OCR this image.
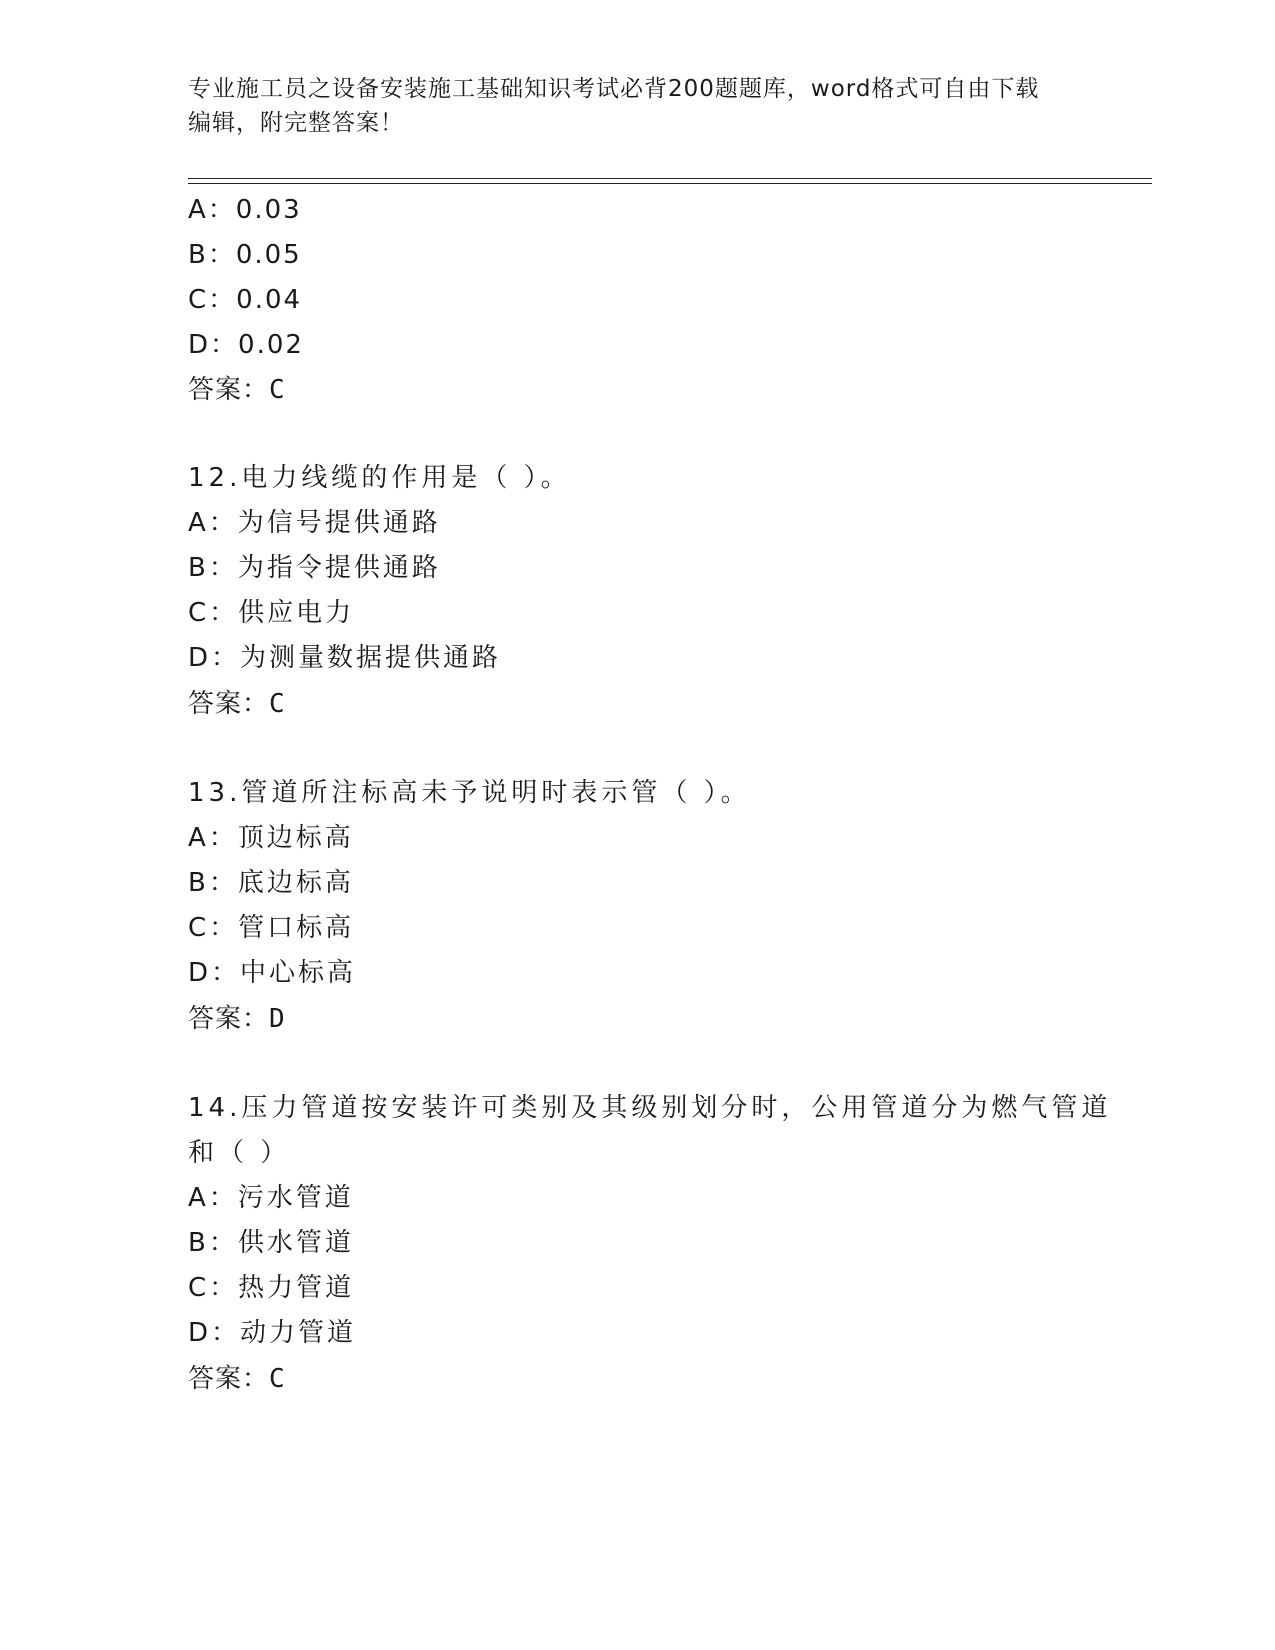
专业施工员之设备安装施工基础知识考试必背200题题库，word格式可自由下载
编辑，附完整答案！
A：0.03
B：0.05
C：0.04
D：0.02
答案：C
12.电力线缆的作用是（ ）。
A：为信号提供通路
B：为指令提供通路
C：供应电力
D：为测量数据提供通路
答案：C
13.管道所注标高未予说明时表示管（ ）。
A：顶边标高
B：底边标高
C：管口标高
D：中心标高
答案：D
14.压力管道按安装许可类别及其级别划分时，公用管道分为燃气管道
和（ ）
A：污水管道
B：供水管道
C：热力管道
D：动力管道
答案：C
